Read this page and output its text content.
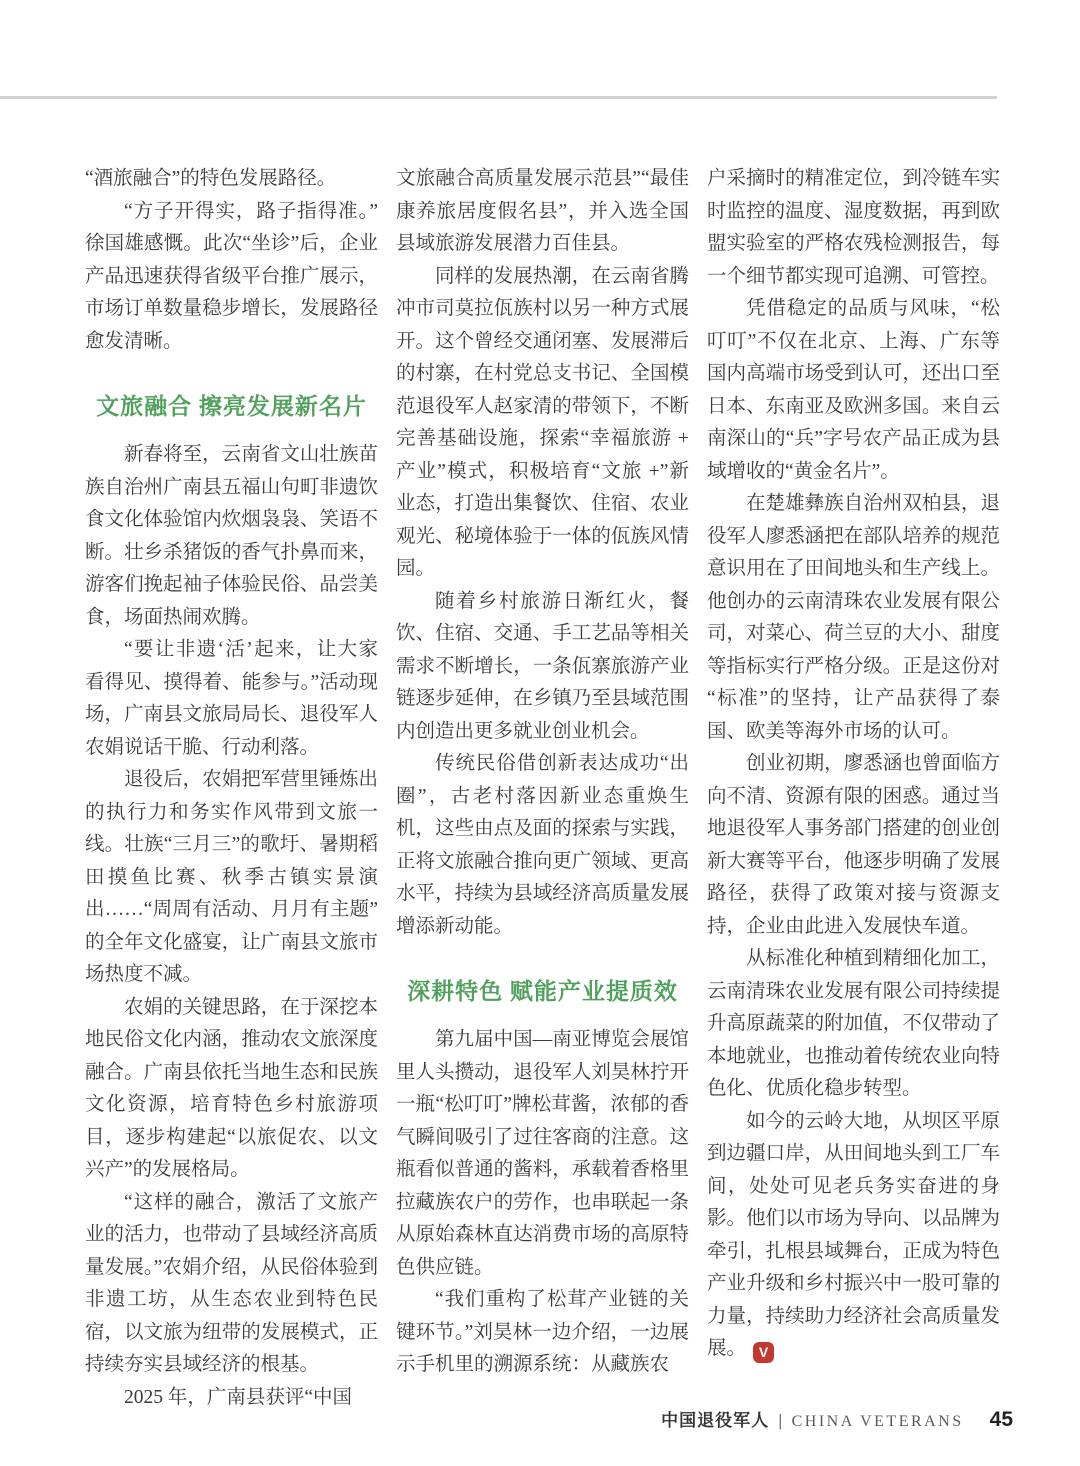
“酒旅融合”的特色发展路径。

“方子开得实，路子指得准。”徐国雄感慨。此次“坐诊”后，企业产品迅速获得省级平台推广展示，市场订单数量稳步增长，发展路径愈发清晰。

文旅融合 擦亮发展新名片

新春将至，云南省文山壮族苗族自治州广南县五福山句町非遗饮食文化体验馆内炊烟袅袅、笑语不断。壮乡杀猪饭的香气扑鼻而来，游客们挽起袖子体验民俗、品尝美食，场面热闹欢腾。

“要让非遗‘活’起来，让大家看得见、摸得着、能参与。”活动现场，广南县文旅局局长、退役军人农娟说话干脆、行动利落。

退役后，农娟把军营里锤炼出的执行力和务实作风带到文旅一线。壮族“三月三”的歌圩、暑期稻田摸鱼比赛、秋季古镇实景演出……“周周有活动、月月有主题”的全年文化盛宴，让广南县文旅市场热度不减。

农娟的关键思路，在于深挖本地民俗文化内涵，推动农文旅深度融合。广南县依托当地生态和民族文化资源，培育特色乡村旅游项目，逐步构建起“以旅促农、以文兴产”的发展格局。

“这样的融合，激活了文旅产业的活力，也带动了县域经济高质量发展。”农娟介绍，从民俗体验到非遗工坊，从生态农业到特色民宿，以文旅为纽带的发展模式，正持续夯实县域经济的根基。

2025 年，广南县获评“中国

文旅融合高质量发展示范县”“最佳康养旅居度假名县”，并入选全国县域旅游发展潜力百佳县。

同样的发展热潮，在云南省腾冲市司莫拉佤族村以另一种方式展开。这个曾经交通闭塞、发展滞后的村寨，在村党总支书记、全国模范退役军人赵家清的带领下，不断完善基础设施，探索“幸福旅游 + 产业”模式，积极培育“文旅 +”新业态，打造出集餐饮、住宿、农业观光、秘境体验于一体的佤族风情园。

随着乡村旅游日渐红火，餐饮、住宿、交通、手工艺品等相关需求不断增长，一条佤寨旅游产业链逐步延伸，在乡镇乃至县域范围内创造出更多就业创业机会。

传统民俗借创新表达成功“出圈”，古老村落因新业态重焕生机，这些由点及面的探索与实践，正将文旅融合推向更广领域、更高水平，持续为县域经济高质量发展增添新动能。

深耕特色 赋能产业提质效

第九届中国—南亚博览会展馆里人头攒动，退役军人刘昊林拧开一瓶“松叮叮”牌松茸酱，浓郁的香气瞬间吸引了过往客商的注意。这瓶看似普通的酱料，承载着香格里拉藏族农户的劳作，也串联起一条从原始森林直达消费市场的高原特色供应链。

“我们重构了松茸产业链的关键环节。”刘昊林一边介绍，一边展示手机里的溯源系统：从藏族农

户采摘时的精准定位，到冷链车实时监控的温度、湿度数据，再到欧盟实验室的严格农残检测报告，每一个细节都实现可追溯、可管控。

凭借稳定的品质与风味，“松叮叮”不仅在北京、上海、广东等国内高端市场受到认可，还出口至日本、东南亚及欧洲多国。来自云南深山的“兵”字号农产品正成为县域增收的“黄金名片”。

在楚雄彝族自治州双柏县，退役军人廖悉涵把在部队培养的规范意识用在了田间地头和生产线上。他创办的云南清珠农业发展有限公司，对菜心、荷兰豆的大小、甜度等指标实行严格分级。正是这份对“标准”的坚持，让产品获得了泰国、欧美等海外市场的认可。

创业初期，廖悉涵也曾面临方向不清、资源有限的困惑。通过当地退役军人事务部门搭建的创业创新大赛等平台，他逐步明确了发展路径，获得了政策对接与资源支持，企业由此进入发展快车道。

从标准化种植到精细化加工，云南清珠农业发展有限公司持续提升高原蔬菜的附加值，不仅带动了本地就业，也推动着传统农业向特色化、优质化稳步转型。

如今的云岭大地，从坝区平原到边疆口岸，从田间地头到工厂车间，处处可见老兵务实奋进的身影。他们以市场为导向、以品牌为牵引，扎根县域舞台，正成为特色产业升级和乡村振兴中一股可靠的力量，持续助力经济社会高质量发展。 V

中国退役军人 | CHINA VETERANS 45
